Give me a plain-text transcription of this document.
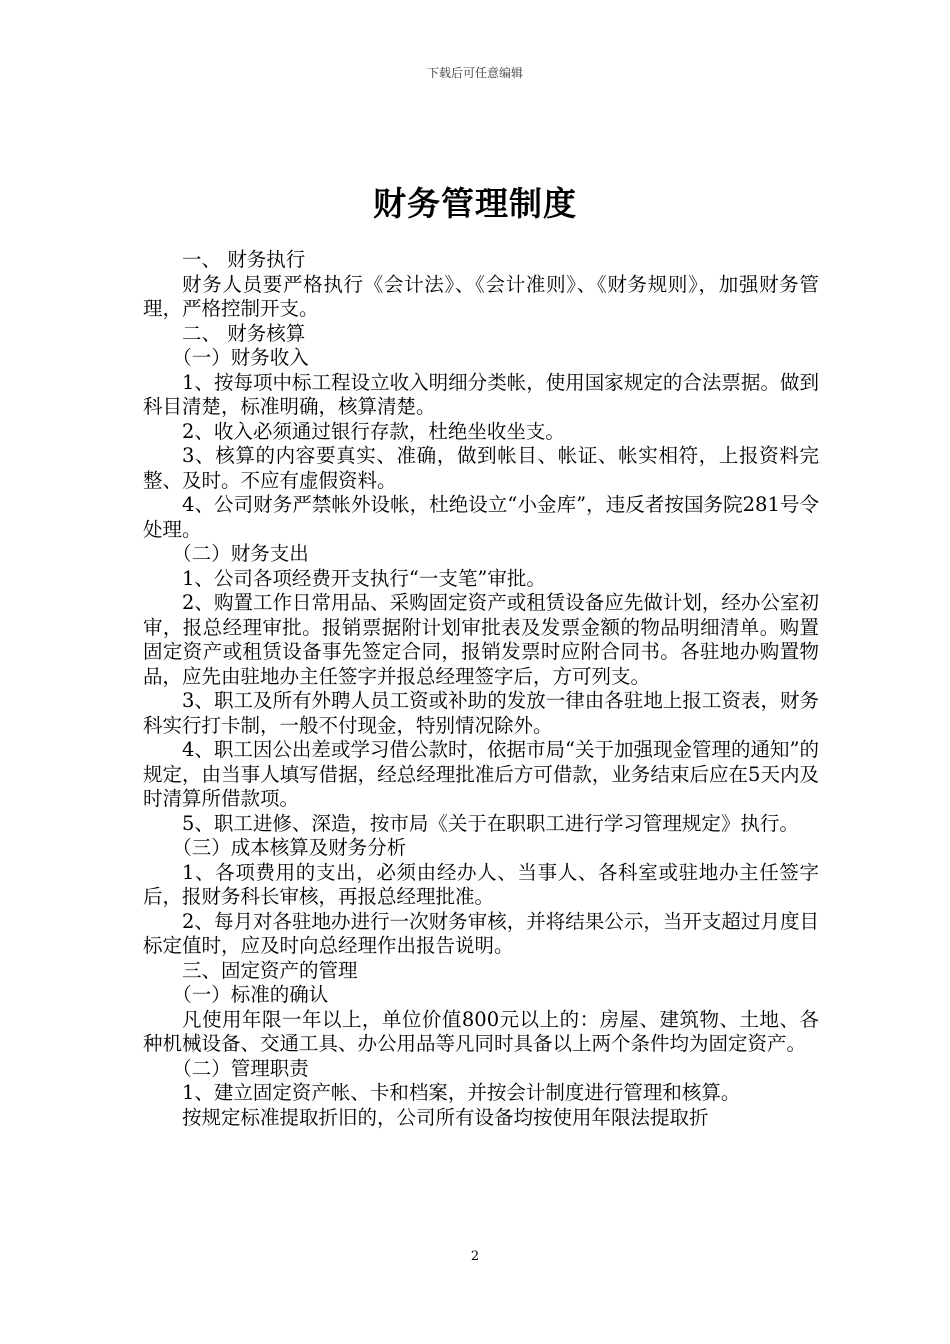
下载后可任意编辑
财务管理制度

一、 财务执行

财务人员要严格执行《会计法》、《会计准则》、《财务规则》，加强财务管理，严格控制开支。

二、 财务核算

（一）财务收入

1、按每项中标工程设立收入明细分类帐，使用国家规定的合法票据。做到科目清楚，标准明确，核算清楚。

2、收入必须通过银行存款，杜绝坐收坐支。

3、核算的内容要真实、准确，做到帐目、帐证、帐实相符，上报资料完整、及时。不应有虚假资料。

4、公司财务严禁帐外设帐，杜绝设立“小金库”，违反者按国务院281号令处理。

（二）财务支出

1、公司各项经费开支执行“一支笔”审批。

2、购置工作日常用品、采购固定资产或租赁设备应先做计划，经办公室初审，报总经理审批。报销票据附计划审批表及发票金额的物品明细清单。购置固定资产或租赁设备事先签定合同，报销发票时应附合同书。各驻地办购置物品，应先由驻地办主任签字并报总经理签字后，方可列支。

3、职工及所有外聘人员工资或补助的发放一律由各驻地上报工资表，财务科实行打卡制，一般不付现金，特别情况除外。

4、职工因公出差或学习借公款时，依据市局“关于加强现金管理的通知”的规定，由当事人填写借据，经总经理批准后方可借款，业务结束后应在5天内及时清算所借款项。

5、职工进修、深造，按市局《关于在职职工进行学习管理规定》执行。

（三）成本核算及财务分析

1、各项费用的支出，必须由经办人、当事人、各科室或驻地办主任签字后，报财务科长审核，再报总经理批准。

2、每月对各驻地办进行一次财务审核，并将结果公示，当开支超过月度目标定值时，应及时向总经理作出报告说明。

三、固定资产的管理

（一）标准的确认

凡使用年限一年以上，单位价值800元以上的：房屋、建筑物、土地、各种机械设备、交通工具、办公用品等凡同时具备以上两个条件均为固定资产。

（二）管理职责

1、建立固定资产帐、卡和档案，并按会计制度进行管理和核算。

按规定标准提取折旧的，公司所有设备均按使用年限法提取折

2
